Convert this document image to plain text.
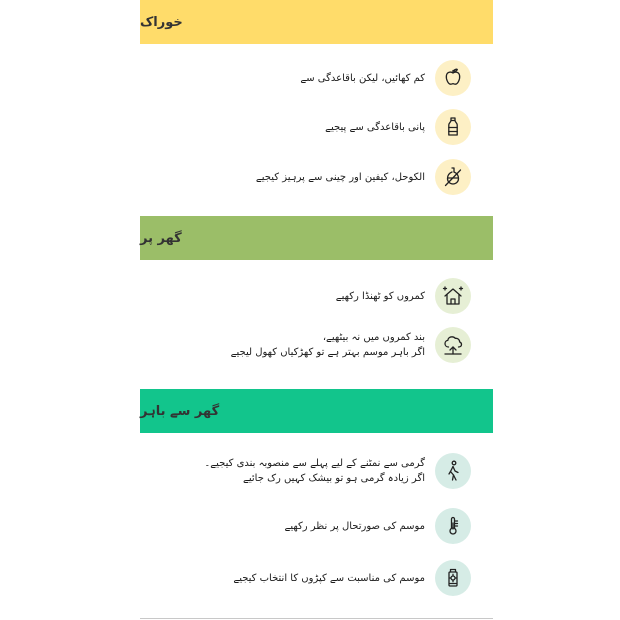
خوراک
کم کھائیں، لیکن باقاعدگی سے
پانی باقاعدگی سے پیجیے
الکوحل، کیفین اور چینی سے پرہیز کیجیے
گھر پر
کمروں کو ٹھنڈا رکھیے
بند کمروں میں نہ بیٹھیے،
اگر باہر موسم بہتر ہے تو کھڑکیاں کھول لیجیے
گھر سے باہر
گرمی سے نمٹنے کے لیے پہلے سے منصوبہ بندی کیجیے۔
اگر زیادہ گرمی ہو تو بیشک کہیں رک جائیے
موسم کی صورتحال پر نظر رکھیے
موسم کی مناسبت سے کپڑوں کا انتخاب کیجیے
